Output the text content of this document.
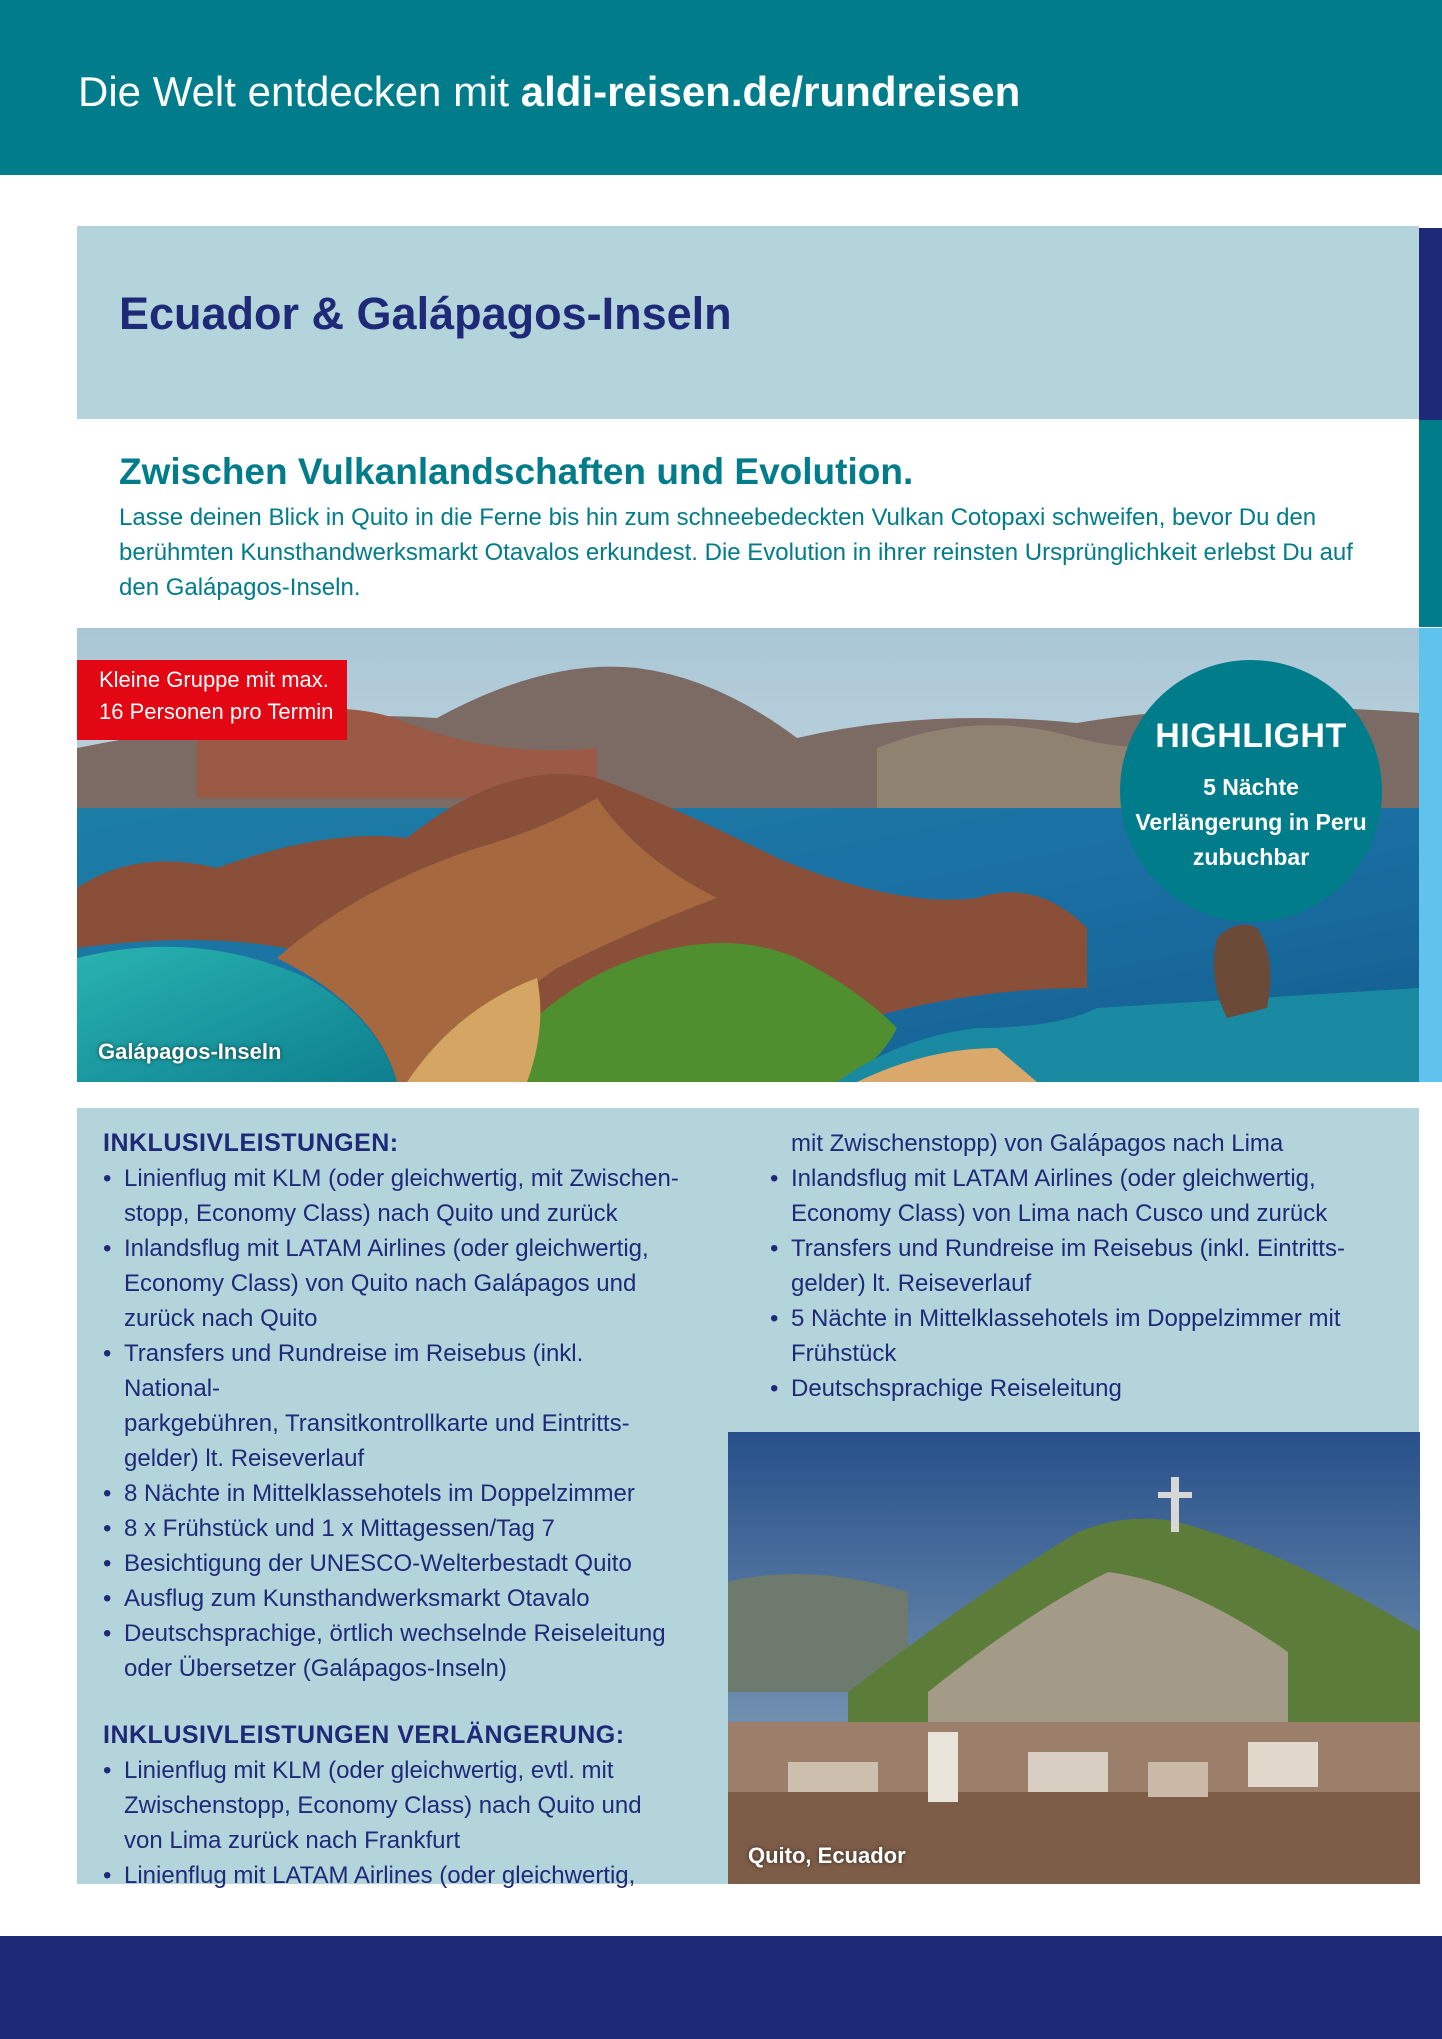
Die Welt entdecken mit aldi-reisen.de/rundreisen
Ecuador & Galápagos-Inseln
Zwischen Vulkanlandschaften und Evolution.

Lasse deinen Blick in Quito in die Ferne bis hin zum schneebedeckten Vulkan Cotopaxi schweifen, bevor Du den berühmten Kunsthandwerksmarkt Otavalos erkundest. Die Evolution in ihrer reinsten Ursprünglichkeit erlebst Du auf den Galápagos-Inseln.

Kleine Gruppe mit max.
16 Personen pro Termin
HIGHLIGHT
5 Nächte
Verlängerung in Peru
zubuchbar
Galápagos-Inseln
INKLUSIVLEISTUNGEN:
• Linienflug mit KLM (oder gleichwertig, mit Zwischen-
stopp, Economy Class) nach Quito und zurück
• Inlandsflug mit LATAM Airlines (oder gleichwertig,
Economy Class) von Quito nach Galápagos und
zurück nach Quito
• Transfers und Rundreise im Reisebus (inkl. National-
parkgebühren, Transitkontrollkarte und Eintritts-
gelder) lt. Reiseverlauf
• 8 Nächte in Mittelklassehotels im Doppelzimmer
• 8 x Frühstück und 1 x Mittagessen/Tag 7
• Besichtigung der UNESCO-Welterbestadt Quito
• Ausflug zum Kunsthandwerksmarkt Otavalo
• Deutschsprachige, örtlich wechselnde Reiseleitung
oder Übersetzer (Galápagos-Inseln)
INKLUSIVLEISTUNGEN VERLÄNGERUNG:
• Linienflug mit KLM (oder gleichwertig, evtl. mit
Zwischenstopp, Economy Class) nach Quito und
von Lima zurück nach Frankfurt
• Linienflug mit LATAM Airlines (oder gleichwertig,
mit Zwischenstopp) von Galápagos nach Lima
• Inlandsflug mit LATAM Airlines (oder gleichwertig,
Economy Class) von Lima nach Cusco und zurück
• Transfers und Rundreise im Reisebus (inkl. Eintritts-
gelder) lt. Reiseverlauf
• 5 Nächte in Mittelklassehotels im Doppelzimmer mit
Frühstück
• Deutschsprachige Reiseleitung
Quito, Ecuador
